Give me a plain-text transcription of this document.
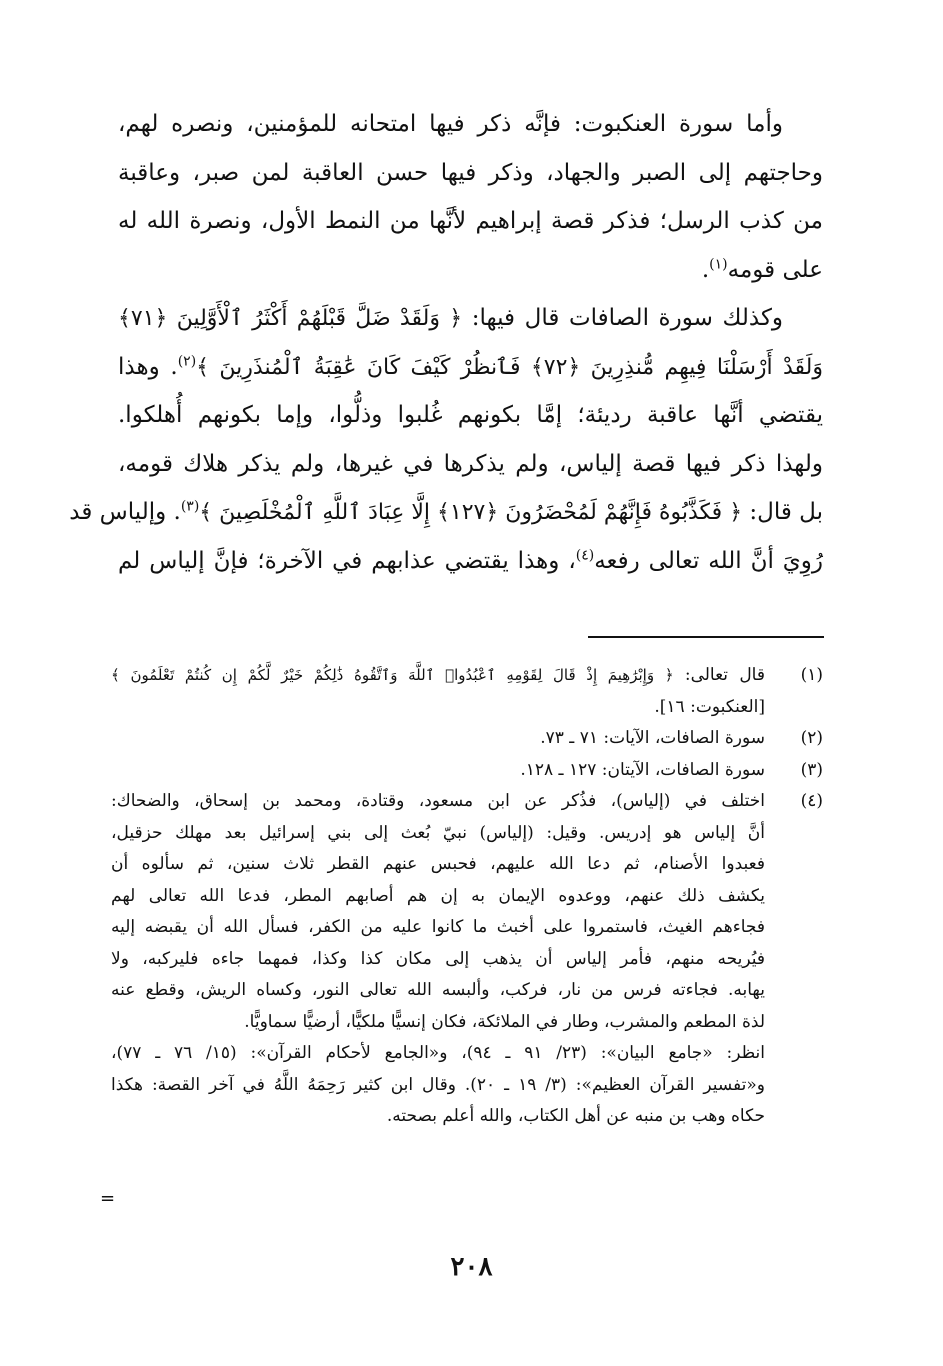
وأما سورة العنكبوت: فإنَّه ذكر فيها امتحانه للمؤمنين، ونصره لهم،
وحاجتهم إلى الصبر والجهاد، وذكر فيها حسن العاقبة لمن صبر، وعاقبة
من كذب الرسل؛ فذكر قصة إبراهيم لأنَّها من النمط الأول، ونصرة الله له
على قومه$^{(١)}$.
وكذلك سورة الصافات قال فيها: ﴿ وَلَقَدْ ضَلَّ قَبْلَهُمْ أَكْثَرُ ٱلْأَوَّلِينَ ﴿٧١﴾
وَلَقَدْ أَرْسَلْنَا فِيهِم مُّنذِرِينَ ﴿٧٢﴾ فَٱنظُرْ كَيْفَ كَانَ عَٰقِبَةُ ٱلْمُنذَرِينَ ﴾$^{(٢)}$. وهذا
يقتضي أنَّها عاقبة رديئة؛ إمَّا بكونهم غُلبوا وذلُّوا، وإما بكونهم أُهلكوا.
ولهذا ذكر فيها قصة إلياس، ولم يذكرها في غيرها، ولم يذكر هلاك قومه،
بل قال: ﴿ فَكَذَّبُوهُ فَإِنَّهُمْ لَمُحْضَرُونَ ﴿١٢٧﴾ إِلَّا عِبَادَ ٱللَّهِ ٱلْمُخْلَصِينَ ﴾$^{(٣)}$. وإلياس قد
رُوِيَ أنَّ الله تعالى رفعه$^{(٤)}$، وهذا يقتضي عذابهم في الآخرة؛ فإنَّ إلياس لم
(١)
قال تعالى: ﴿ وَإِبْرَٰهِيمَ إِذْ قَالَ لِقَوْمِهِ ٱعْبُدُوا۟ ٱللَّهَ وَٱتَّقُوهُ ذَٰلِكُمْ خَيْرٌ لَّكُمْ إِن كُنتُمْ تَعْلَمُونَ ﴾
[العنكبوت: ١٦].
(٢)
سورة الصافات، الآيات: ٧١ ـ ٧٣.
(٣)
سورة الصافات، الآيتان: ١٢٧ ـ ١٢٨.
(٤)
اختلف في (إلياس)، فذُكر عن ابن مسعود، وقتادة، ومحمد بن إسحاق، والضحاك:
أنَّ إلياس هو إدريس. وقيل: (إلياس) نبيّ بُعث إلى بني إسرائيل بعد مهلك حزقيل،
فعبدوا الأصنام، ثم دعا الله عليهم، فحبس عنهم القطر ثلاث سنين، ثم سألوه أن
يكشف ذلك عنهم، ووعدوه الإيمان به إن هم أصابهم المطر، فدعا الله تعالى لهم
فجاءهم الغيث، فاستمروا على أخبث ما كانوا عليه من الكفر، فسأل الله أن يقبضه إليه
فيُريحه منهم، فأمر إلياس أن يذهب إلى مكان كذا وكذا، فمهما جاءه فليركبه، ولا
يهابه. فجاءته فرس من نار، فركب، وألبسه الله تعالى النور، وكساه الريش، وقطع عنه
لذة المطعم والمشرب، وطار في الملائكة، فكان إنسيًّا ملكيًّا، أرضيًّا سماويًّا.
انظر: «جامع البيان»: (٢٣/ ٩١ ـ ٩٤)، و«الجامع لأحكام القرآن»: (١٥/ ٧٦ ـ ٧٧)،
و«تفسير القرآن العظيم»: (٣/ ١٩ ـ ٢٠). وقال ابن كثير رَحِمَهُ اللَّهُ في آخر القصة: هكذا
حكاه وهب بن منبه عن أهل الكتاب، والله أعلم بصحته.
=
٢٠٨
